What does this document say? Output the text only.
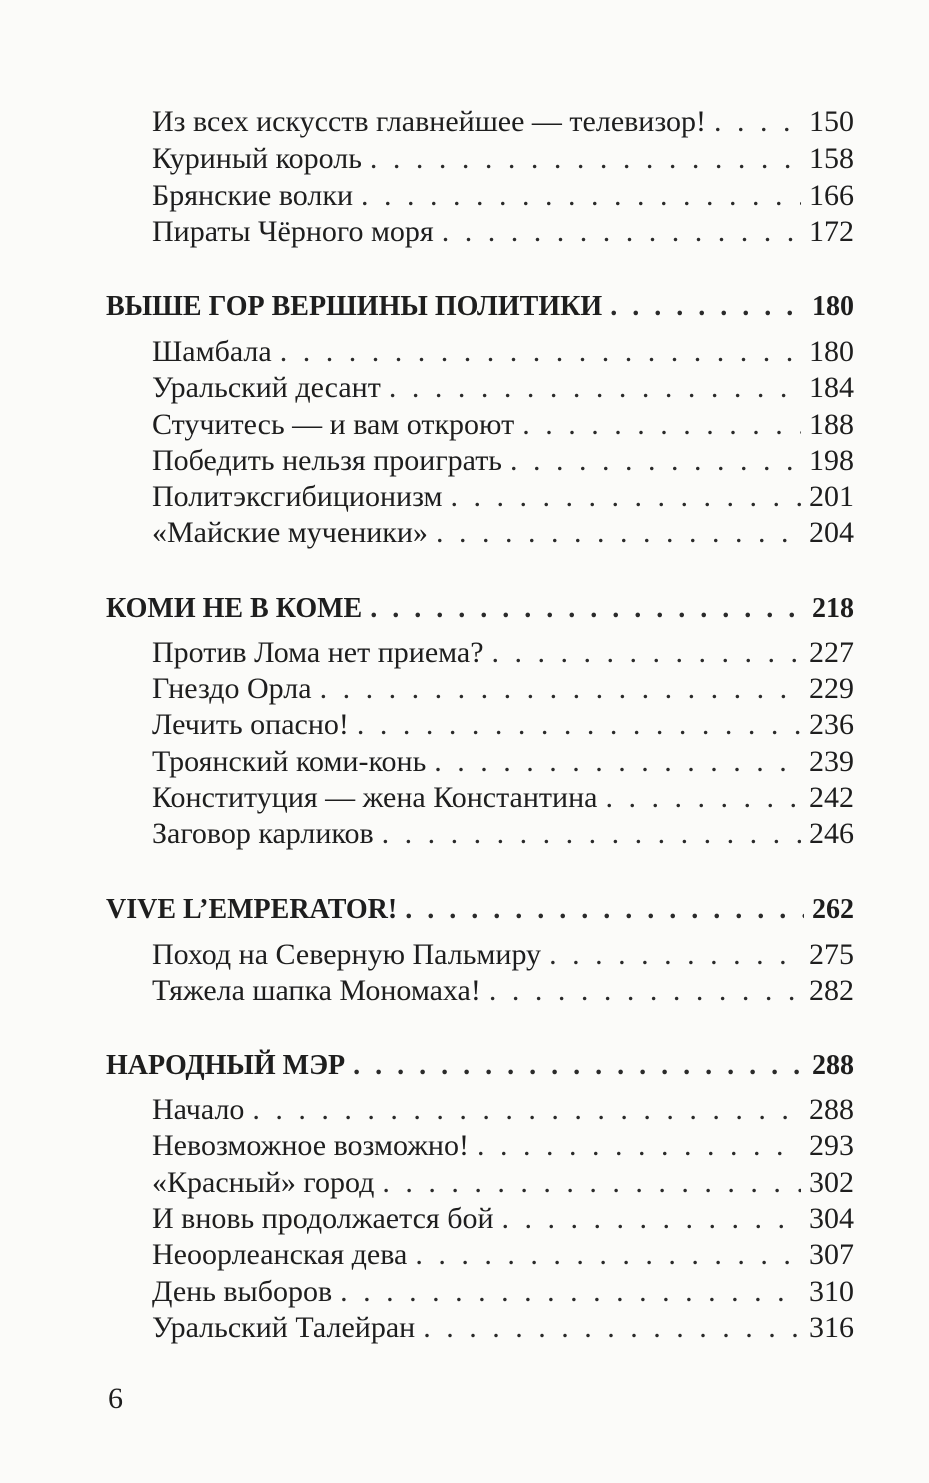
Из всех искусств главнейшее — телевизор! . . .	150
Куриный король . . .	158
Брянские волки . . .	166
Пираты Чёрного моря . . .	172
ВЫШЕ ГОР ВЕРШИНЫ ПОЛИТИКИ . . .	180
Шамбала . . .	180
Уральский десант . . .	184
Стучитесь — и вам откроют . . .	188
Победить нельзя проиграть . . .	198
Политэксгибиционизм . . .	201
«Майские мученики» . . .	204
КОМИ НЕ В КОМЕ . . .	218
Против Лома нет приема? . . .	227
Гнездо Орла . . .	229
Лечить опасно! . . .	236
Троянский коми-конь . . .	239
Конституция — жена Константина . . .	242
Заговор карликов . . .	246
VIVE L’EMPERATOR! . . .	262
Поход на Северную Пальмиру . . .	275
Тяжела шапка Мономаха! . . .	282
НАРОДНЫЙ МЭР . . .	288
Начало . . .	288
Невозможное возможно! . . .	293
«Красный» город . . .	302
И вновь продолжается бой . . .	304
Неоорлеанская дева . . .	307
День выборов . . .	310
Уральский Талейран . . .	316
6
